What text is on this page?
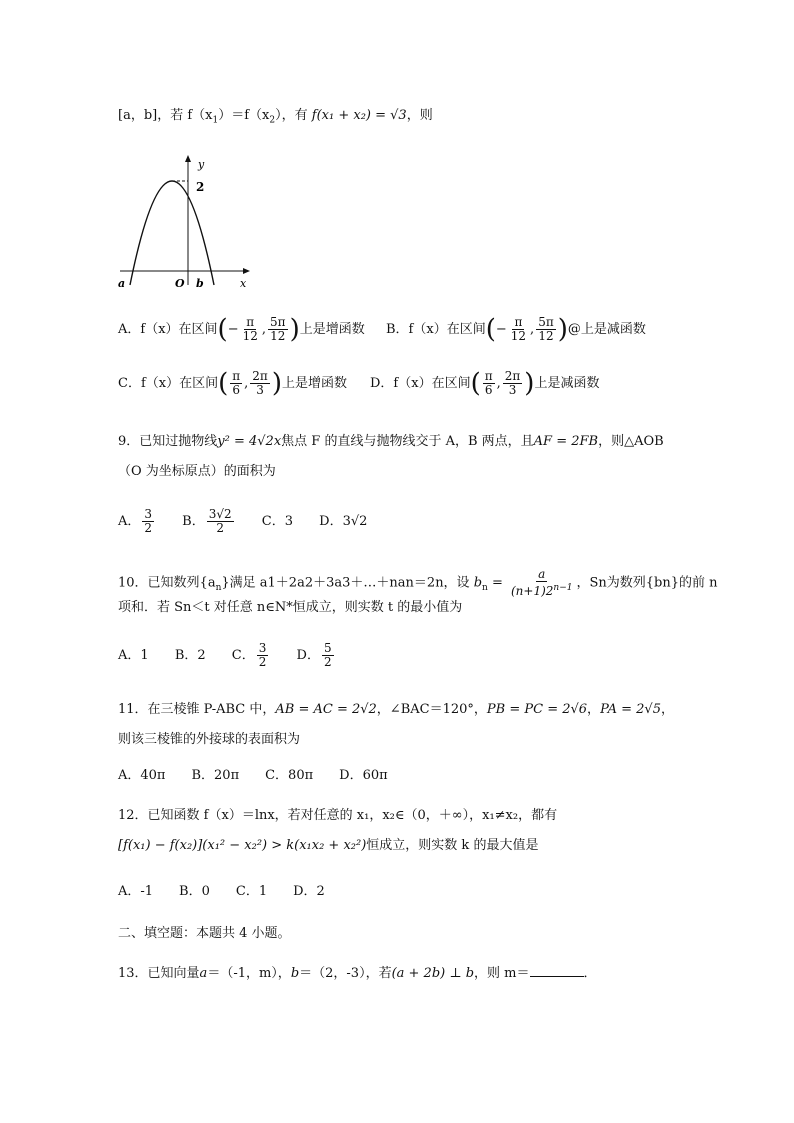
[a，b]，若 $f(x_1)=f(x_2)$，有 f(x₁ + x₂) = √3，则
y
2
x
a	O b
A．f（x）在区间(− $\frac{\pi}{12}$ , $\frac{5\pi}{12}$ )上是增函数 B．f（x）在区间(− $\frac{\pi}{12}$ , $\frac{5\pi}{12}$ )@上是减函数
C．f（x）在区间( $\frac{\pi}{6}$ , $\frac{2\pi}{3}$ )上是增函数 D．f（x）在区间( $\frac{\pi}{6}$ , $\frac{2\pi}{3}$ )上是减函数
9．已知过抛物线y² = 4√2x焦点 F 的直线与抛物线交于 A，B 两点，且AF = 2FB，则△AOB
（O 为坐标原点）的面积为
A． $\frac{3}{2}$ B． $\frac{3√2}{2}$ C．3 D．3√2
10．已知数列$\{a_n\}$满足 a1＋2a2＋3a3＋…＋nan＝2n，设 $b_n = \frac{a}{(n+1)2^{n-1}}$ ，Sn为数列{bn}的前 n
项和．若 Sn＜t 对任意 n∈N*恒成立，则实数 t 的最小值为
A．1 B．2 C． $\frac{3}{2}$ D． $\frac{5}{2}$
11．在三棱锥 P-ABC 中，AB = AC = 2√2，∠BAC＝120°，PB = PC = 2√6，PA = 2√5，
则该三棱锥的外接球的表面积为
A．40π　　B．20π　　C．80π　　D．60π
12．已知函数 f（x）＝lnx，若对任意的 x₁，x₂∈（0，＋∞），x₁≠x₂，都有
[f(x₁) − f(x₂)](x₁² − x₂²) > k(x₁x₂ + x₂²)恒成立，则实数 k 的最大值是
A．-1　　B．0　　C．1　　D．2
二、填空题：本题共 4 小题。
13．已知向量a＝（-1，m），b＝（2，-3），若(a + 2b) ⊥ b，则 m＝	．
